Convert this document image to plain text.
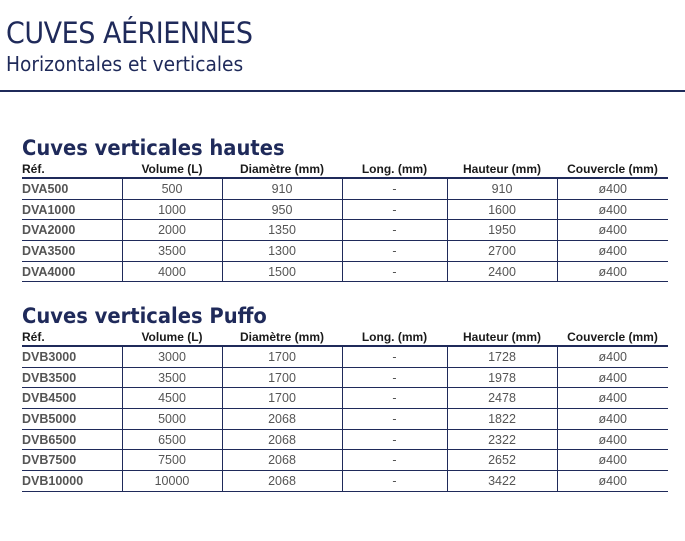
CUVES AÉRIENNES
Horizontales et verticales
Cuves verticales hautes
Réf.	Volume (L)	Diamètre (mm)	Long. (mm)	Hauteur (mm)	Couvercle (mm)
DVA500	500	910	-	910	ø400
DVA1000	1000	950	-	1600	ø400
DVA2000	2000	1350	-	1950	ø400
DVA3500	3500	1300	-	2700	ø400
DVA4000	4000	1500	-	2400	ø400
Cuves verticales Puffo
Réf.	Volume (L)	Diamètre (mm)	Long. (mm)	Hauteur (mm)	Couvercle (mm)
DVB3000	3000	1700	-	1728	ø400
DVB3500	3500	1700	-	1978	ø400
DVB4500	4500	1700	-	2478	ø400
DVB5000	5000	2068	-	1822	ø400
DVB6500	6500	2068	-	2322	ø400
DVB7500	7500	2068	-	2652	ø400
DVB10000	10000	2068	-	3422	ø400
